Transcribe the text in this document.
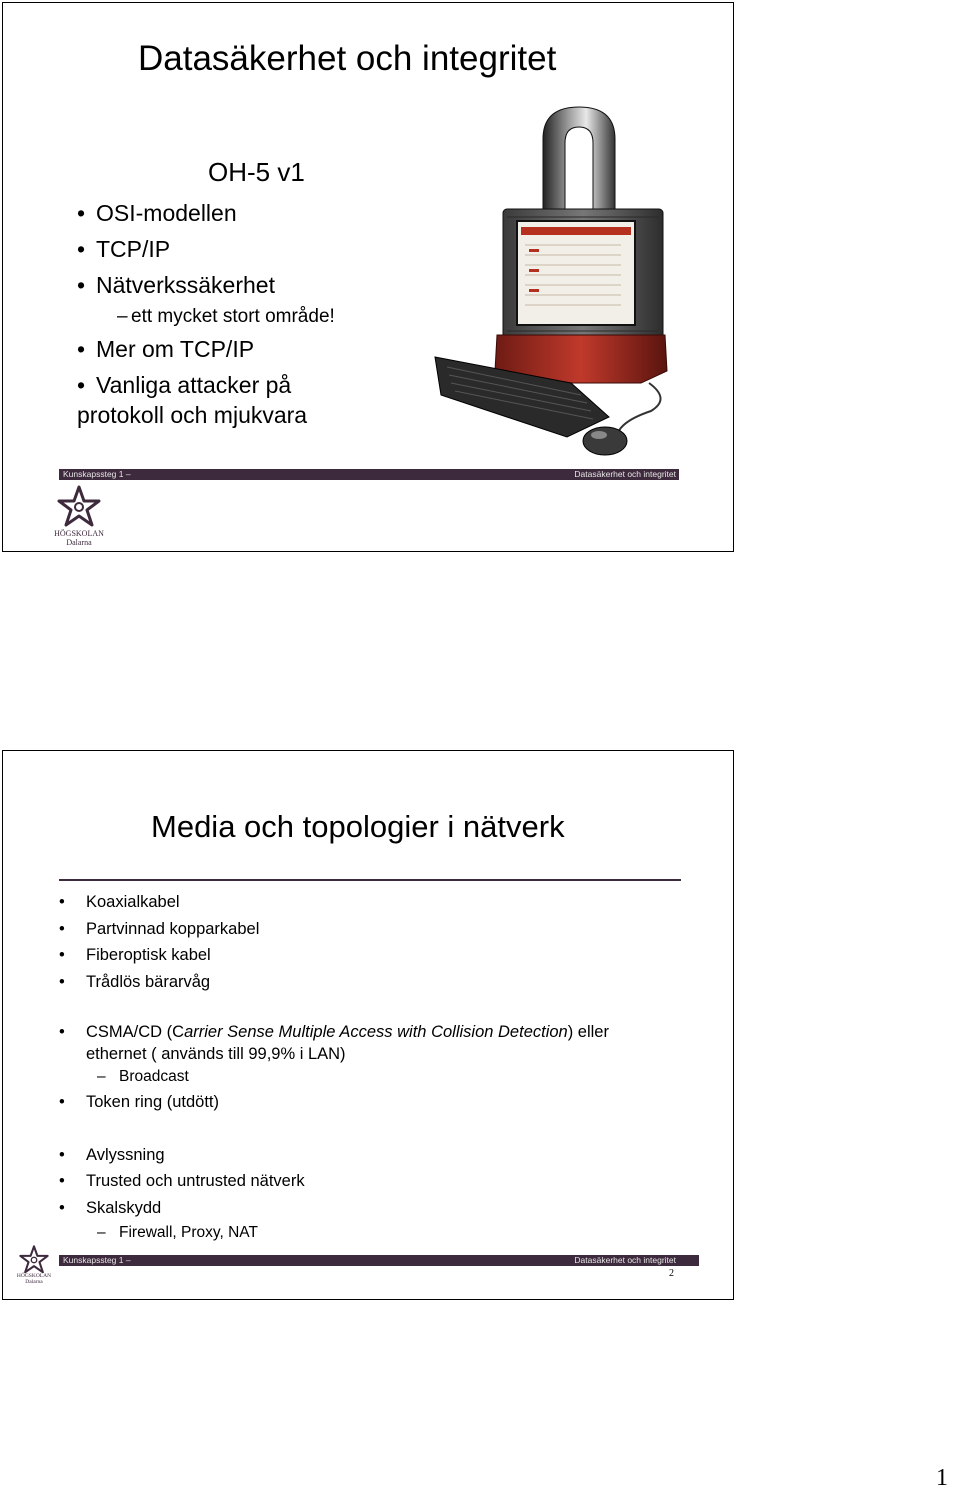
Datasäkerhet och integritet
OH-5 v1
• OSI-modellen
• TCP/IP
• Nätverkssäkerhet
– ett mycket stort område!
• Mer om TCP/IP
• Vanliga attacker på
protokoll och mjukvara
Kunskapssteg 1 –	Datasäkerhet och integritet
HÖGSKOLAN
Dalarna
Media och topologier i nätverk
• Koaxialkabel
• Partvinnad kopparkabel
• Fiberoptisk kabel
• Trådlös bärarvåg
• CSMA/CD (Carrier Sense Multiple Access with Collision Detection) eller
ethernet ( används till 99,9% i LAN)
– Broadcast
• Token ring (utdött)
• Avlyssning
• Trusted och untrusted nätverk
• Skalskydd
– Firewall, Proxy, NAT
HÖGSKOLAN
Dalarna
Kunskapssteg 1 –	Datasäkerhet och integritet
2
1
